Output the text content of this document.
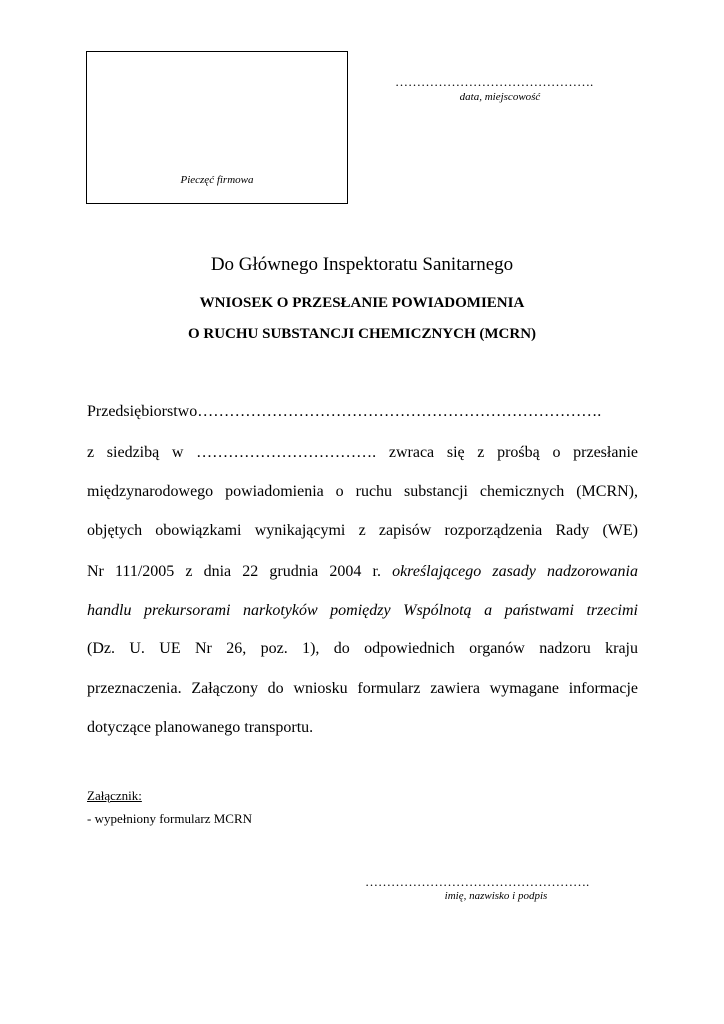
Pieczęć firmowa
……………………………………….
data, miejscowość
Do Głównego Inspektoratu Sanitarnego
WNIOSEK O PRZESŁANIE POWIADOMIENIA
O RUCHU SUBSTANCJI CHEMICZNYCH (MCRN)
Przedsiębiorstwo………………………………………………………………….
z siedzibą w ……………………………. zwraca się z prośbą o przesłanie
międzynarodowego powiadomienia o ruchu substancji chemicznych (MCRN),
objętych obowiązkami wynikającymi z zapisów rozporządzenia Rady (WE)
Nr 111/2005 z dnia 22 grudnia 2004 r. określającego zasady nadzorowania
handlu prekursorami narkotyków pomiędzy Wspólnotą a państwami trzecimi
(Dz. U. UE Nr 26, poz. 1), do odpowiednich organów nadzoru kraju
przeznaczenia. Załączony do wniosku formularz zawiera wymagane informacje
dotyczące planowanego transportu.
Załącznik:
- wypełniony formularz MCRN
…………………………………………….
imię, nazwisko i podpis
